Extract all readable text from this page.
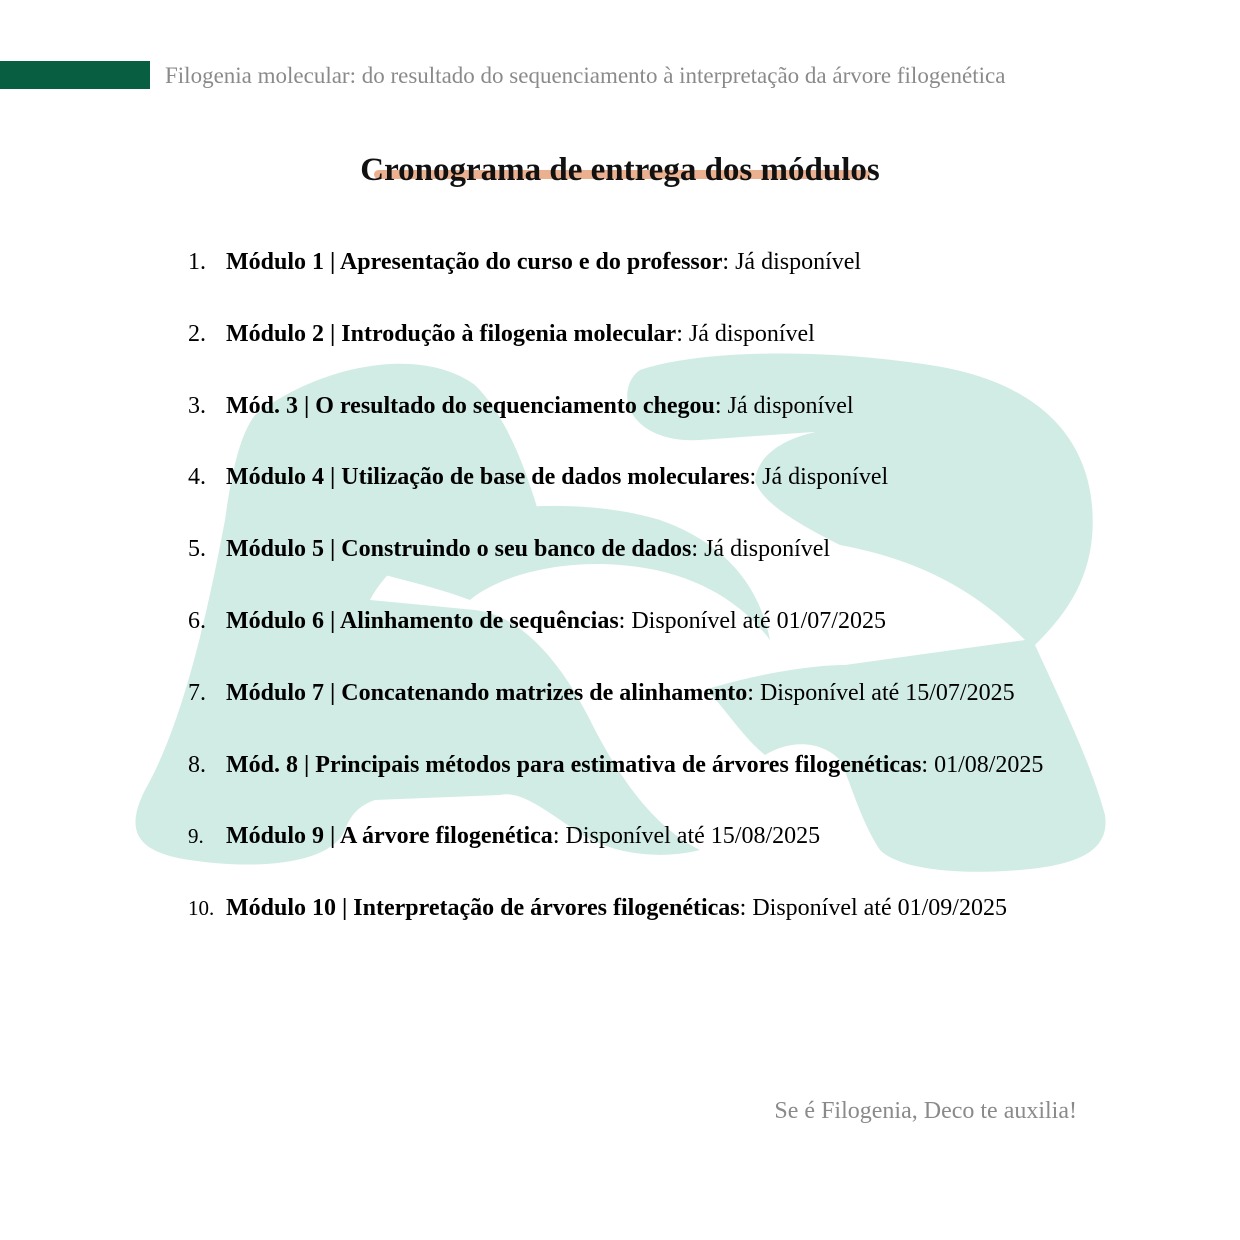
Filogenia molecular: do resultado do sequenciamento à interpretação da árvore filogenética
Cronograma de entrega dos módulos
1. Módulo 1 | Apresentação do curso e do professor: Já disponível
2. Módulo 2 | Introdução à filogenia molecular: Já disponível
3. Mód. 3 | O resultado do sequenciamento chegou: Já disponível
4. Módulo 4 | Utilização de base de dados moleculares: Já disponível
5. Módulo 5 | Construindo o seu banco de dados: Já disponível
6. Módulo 6 | Alinhamento de sequências: Disponível até 01/07/2025
7. Módulo 7 | Concatenando matrizes de alinhamento: Disponível até 15/07/2025
8. Mód. 8 | Principais métodos para estimativa de árvores filogenéticas: 01/08/2025
9. Módulo 9 | A árvore filogenética: Disponível até 15/08/2025
10. Módulo 10 | Interpretação de árvores filogenéticas: Disponível até 01/09/2025
Se é Filogenia, Deco te auxilia!
